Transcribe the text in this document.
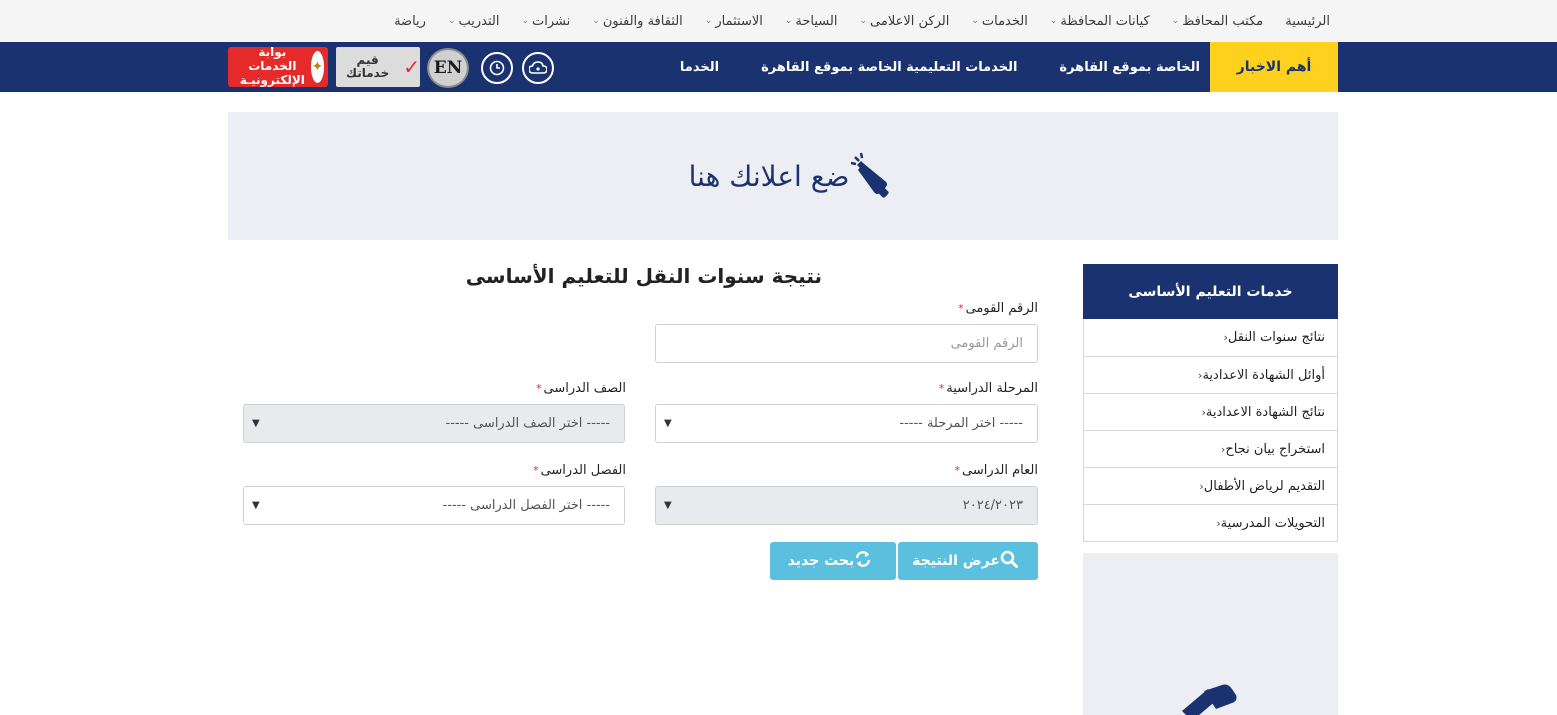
الرئيسية
مكتب المحافظ
⌄
كيانات المحافظة
⌄
الخدمات
⌄
الركن الاعلامى
⌄
السياحة
⌄
الاستثمار
⌄
الثقافة والفنون
⌄
نشرات
⌄
التدريب
⌄
رياضة
أهم الاخبار
الخاصة بموقع القاهرة
الخدمات التعليمية الخاصة بموقع القاهرة
الخدما
EN
✓
قيم خدماتك
✦
بوابة الخدمات الإلكترونيـة
ضع اعلانك هنا
خدمات التعليم الأساسى
نتائج سنوات النقل
‹
أوائل الشهادة الاعدادية
‹
نتائج الشهادة الاعدادية
‹
استخراج بيان نجاح
‹
التقديم لرياض الأطفال
‹
التحويلات المدرسية
‹
نتيجة سنوات النقل للتعليم الأساسى
الرقم القومى*
الرقم القومى
المرحلة الدراسية*
----- اختر المرحلة -----
▼
الصف الدراسى*
----- اختر الصف الدراسى -----
▼
العام الدراسى*
٢٠٢٤/٢٠٢٣
▼
الفصل الدراسى*
----- اختر الفصل الدراسى -----
▼
عرض النتيجة
بحث جديد
